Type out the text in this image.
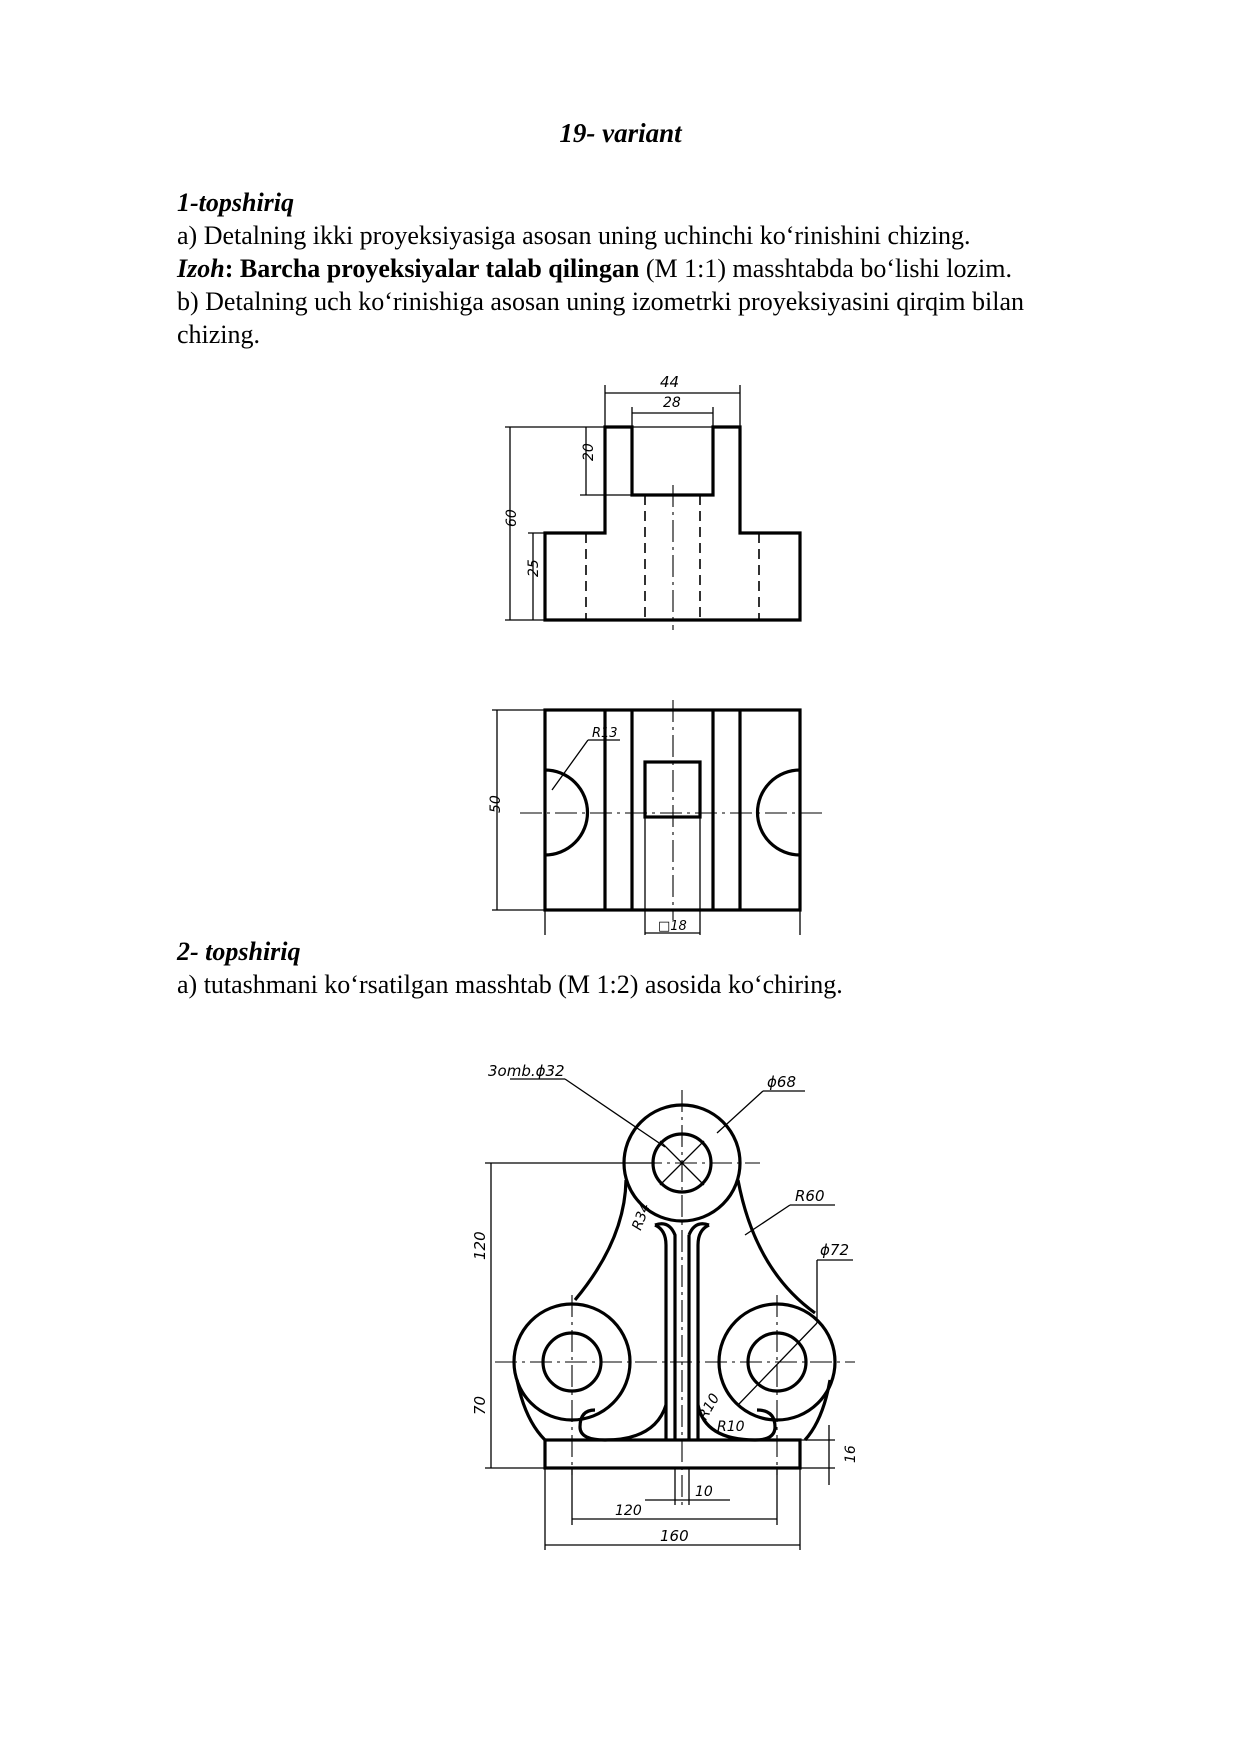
19- variant
1-topshiriq
a) Detalning ikki proyeksiyasiga asosan uning uchinchi ko‘rinishini chizing.
Izoh: Barcha proyeksiyalar talab qilingan (M 1:1) masshtabda bo‘lishi lozim.
b) Detalning uch ko‘rinishiga asosan uning izometrki proyeksiyasini qirqim bilan
chizing.
44
28
20
60
25
R13
50
□18
2- topshiriq
a) tutashmani ko‘rsatilgan masshtab (M 1:2) asosida ko‘chiring.
3omb.ϕ32
ϕ68
R60
ϕ72
R34
R10
R10
120
70
16
10
120
160
